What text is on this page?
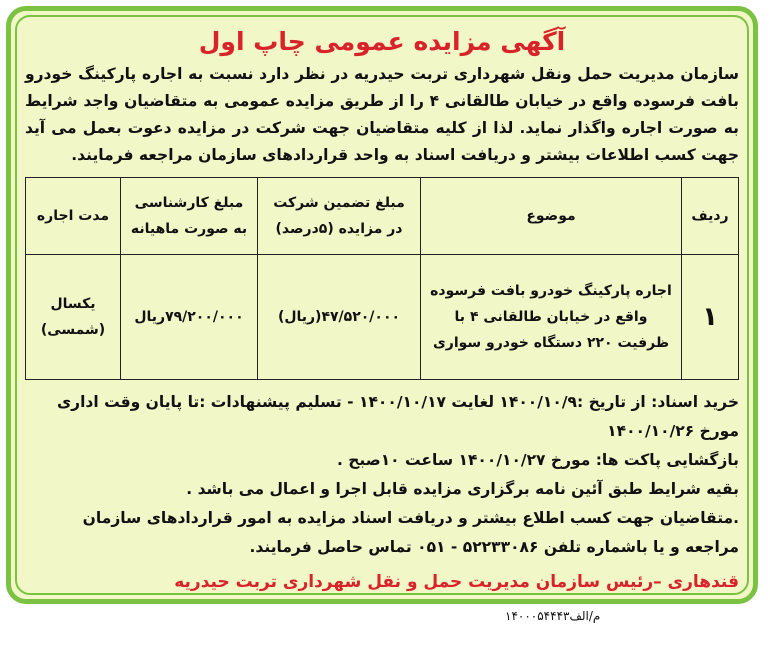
آگهی مزایده عمومی چاپ اول
سازمان مدیریت حمل ونقل شهرداری تربت حیدریه در نظر دارد نسبت به اجاره پارکینگ خودرو بافت فرسوده واقع در خیابان طالقانی ۴ را از طریق مزایده عمومی به متقاضیان واجد شرایط به صورت اجاره واگذار نماید. لذا از کلیه متقاضیان جهت شرکت در مزایده دعوت بعمل می آید جهت کسب اطلاعات بیشتر و دریافت اسناد به واحد قراردادهای سازمان مراجعه فرمایند.
ردیف	موضوع	مبلغ تضمین شرکت در مزایده (۵درصد)	مبلغ کارشناسی به صورت ماهیانه	مدت اجاره
۱	اجاره پارکینگ خودرو بافت فرسوده واقع در خیابان طالقانی ۴ با ظرفیت ۲۲۰ دستگاه خودرو سواری	۴۷/۵۲۰/۰۰۰(ریال)	۷۹/۲۰۰/۰۰۰ریال	یکسال (شمسی)
خرید اسناد: از تاریخ :۱۴۰۰/۱۰/۹ لغایت ۱۴۰۰/۱۰/۱۷ - تسلیم پیشنهادات :تا پایان وقت اداری مورخ ۱۴۰۰/۱۰/۲۶
بازگشایی پاکت ها: مورخ ۱۴۰۰/۱۰/۲۷ ساعت ۱۰صبح .
بقیه شرایط طبق آئین نامه برگزاری مزایده قابل اجرا و اعمال می باشد .
.متقاضیان جهت کسب اطلاع بیشتر و دریافت اسناد مزایده به امور قراردادهای سازمان مراجعه و یا باشماره تلفن ۵۲۲۳۳۰۸۶ - ۰۵۱ تماس حاصل فرمایند.
قندهاری –رئیس سازمان مدیریت حمل و نقل شهرداری تربت حیدریه
م/الف۱۴۰۰۰۵۴۴۴۳
